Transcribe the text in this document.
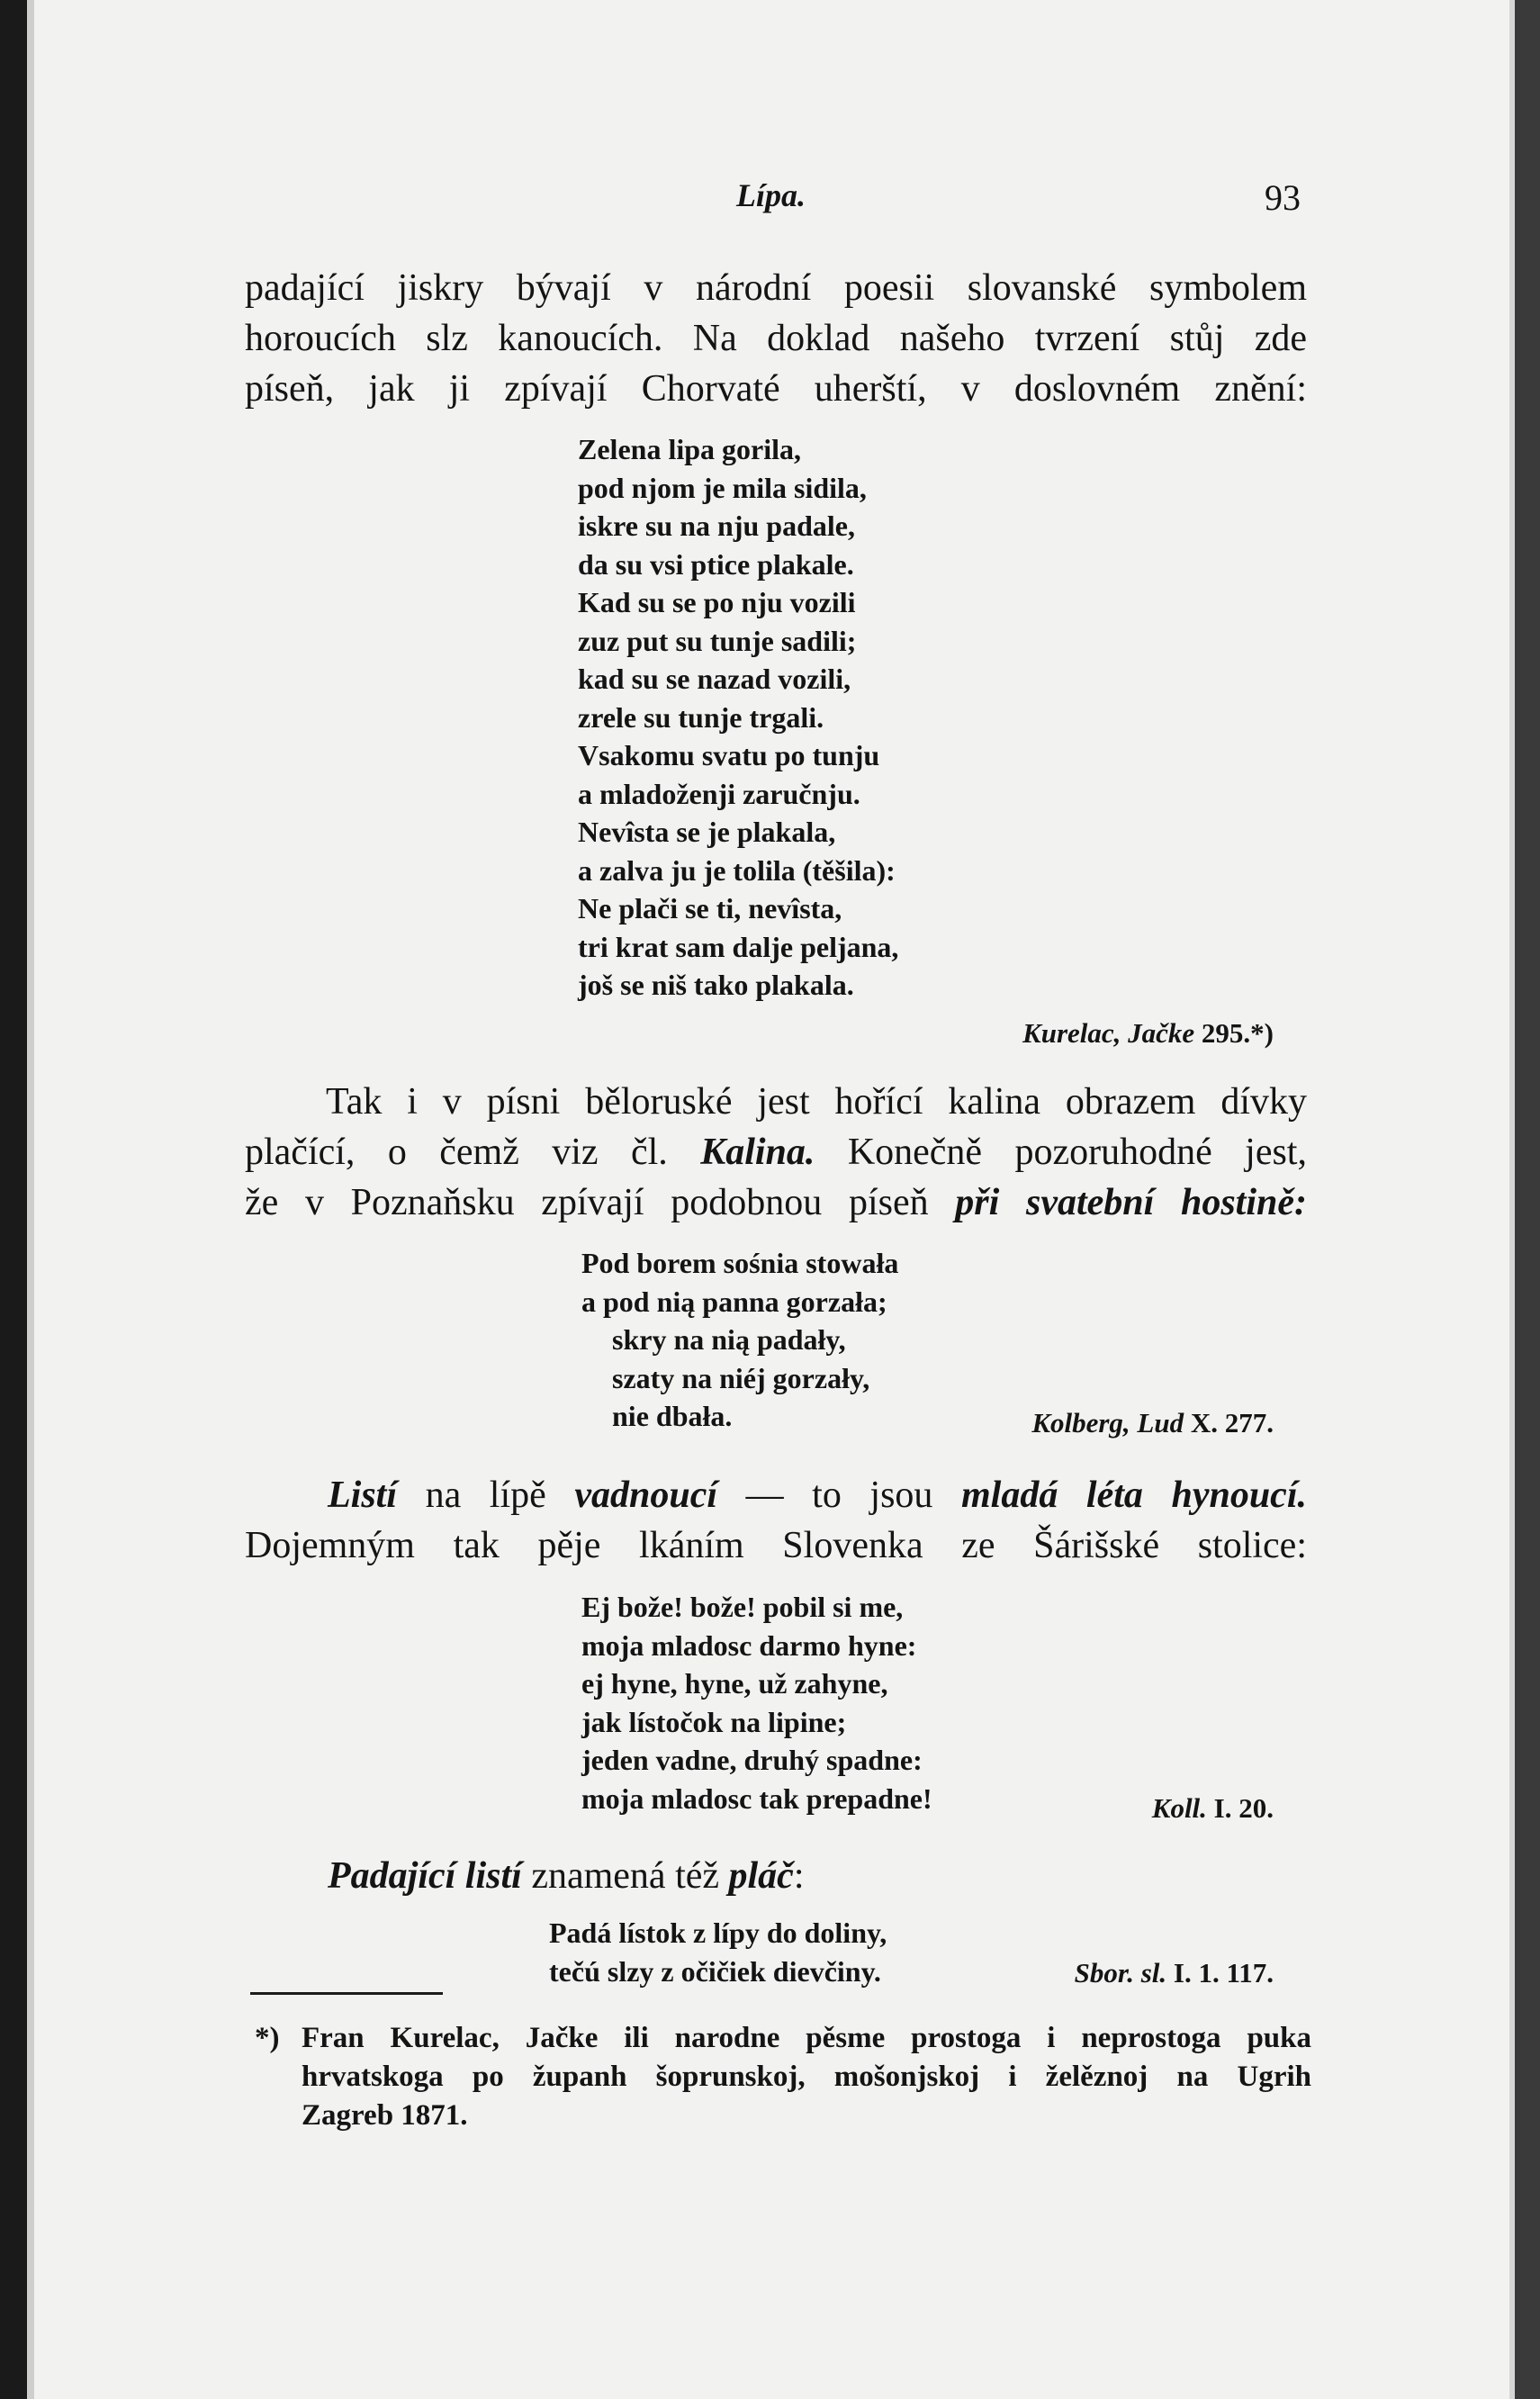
Lípa.	93

padající jiskry bývají v národní poesii slovanské symbolem

horoucích slz kanoucích. Na doklad našeho tvrzení stůj zde

píseň, jak ji zpívají Chorvaté uherští, v doslovném znění:

Zelena lipa gorila,
pod njom je mila sidila,
iskre su na nju padale,
da su vsi ptice plakale.
Kad su se po nju vozili
zuz put su tunje sadili;
kad su se nazad vozili,
zrele su tunje trgali.
Vsakomu svatu po tunju
a mladoženji zaručnju.
Nevîsta se je plakala,
a zalva ju je tolila (těšila):
Ne plači se ti, nevîsta,
tri krat sam dalje peljana,
još se niš tako plakala.
Kurelac, Jačke 295.*)

Tak i v písni běloruské jest hořící kalina obrazem dívky

plačící, o čemž viz čl. Kalina. Konečně pozoruhodné jest,

že v Poznaňsku zpívají podobnou píseň při svatební hostině:

Pod borem sośnia stowała
a pod nią panna gorzała;
skry na nią padały,
szaty na niéj gorzały,
nie dbała.	Kolberg, Lud X. 277.

Listí na lípě vadnoucí — to jsou mladá léta hynoucí.

Dojemným tak pěje lkáním Slovenka ze Šárišské stolice:

Ej bože! bože! pobil si me,
moja mladosc darmo hyne:
ej hyne, hyne, už zahyne,
jak lístočok na lipine;
jeden vadne, druhý spadne:
moja mladosc tak prepadne!	Koll. I. 20.

Padající listí znamená též pláč:

Padá lístok z lípy do doliny,
tečú slzy z očičiek dievčiny.	Sbor. sl. I. 1. 117.
*) Fran Kurelac, Jačke ili narodne pěsme prostoga i neprostoga puka
hrvatskoga po županh šoprunskoj, mošonjskoj i želěznoj na Ugrih
Zagreb 1871.
